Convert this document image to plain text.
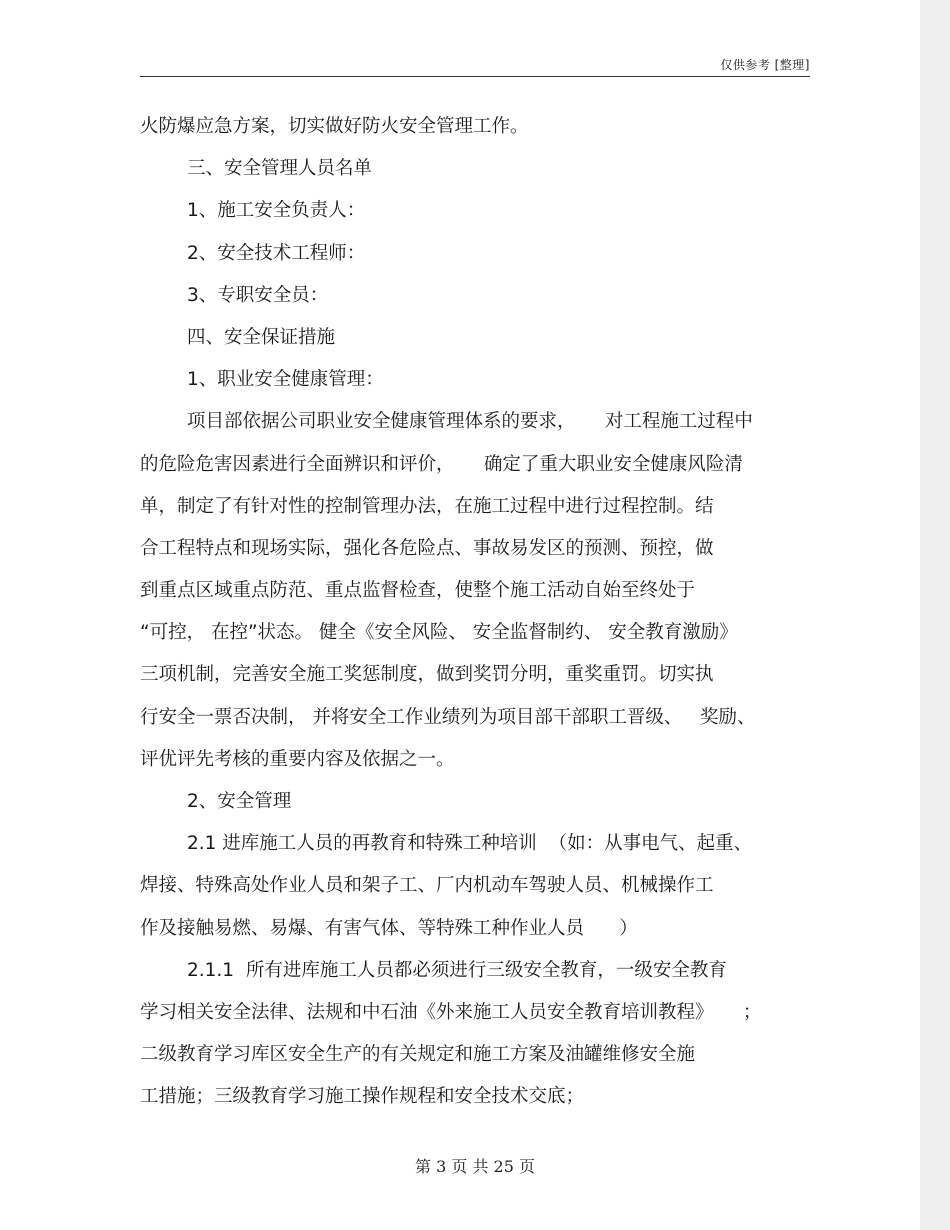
仅供参考 [整理]
火防爆应急方案，切实做好防火安全管理工作。
三、安全管理人员名单
1、施工安全负责人：
2、安全技术工程师：
3、专职安全员：
四、安全保证措施
1、职业安全健康管理：
项目部依据公司职业安全健康管理体系的要求，     对工程施工过程中
的危险危害因素进行全面辨识和评价，     确定了重大职业安全健康风险清
单，制定了有针对性的控制管理办法，在施工过程中进行过程控制。结
合工程特点和现场实际，强化各危险点、事故易发区的预测、预控，做
到重点区域重点防范、重点监督检查，使整个施工活动自始至终处于
“可控， 在控”状态。 健全《安全风险、 安全监督制约、 安全教育激励》
三项机制，完善安全施工奖惩制度，做到奖罚分明，重奖重罚。切实执
行安全一票否决制， 并将安全工作业绩列为项目部干部职工晋级、   奖励、
评优评先考核的重要内容及依据之一。
2、安全管理
2.1 进库施工人员的再教育和特殊工种培训  （如：从事电气、起重、
焊接、特殊高处作业人员和架子工、厂内机动车驾驶人员、机械操作工
作及接触易燃、易爆、有害气体、等特殊工种作业人员      ）
2.1.1  所有进库施工人员都必须进行三级安全教育，一级安全教育
学习相关安全法律、法规和中石油《外来施工人员安全教育培训教程》     ；
二级教育学习库区安全生产的有关规定和施工方案及油罐维修安全施
工措施；三级教育学习施工操作规程和安全技术交底；
第 3 页 共 25 页
